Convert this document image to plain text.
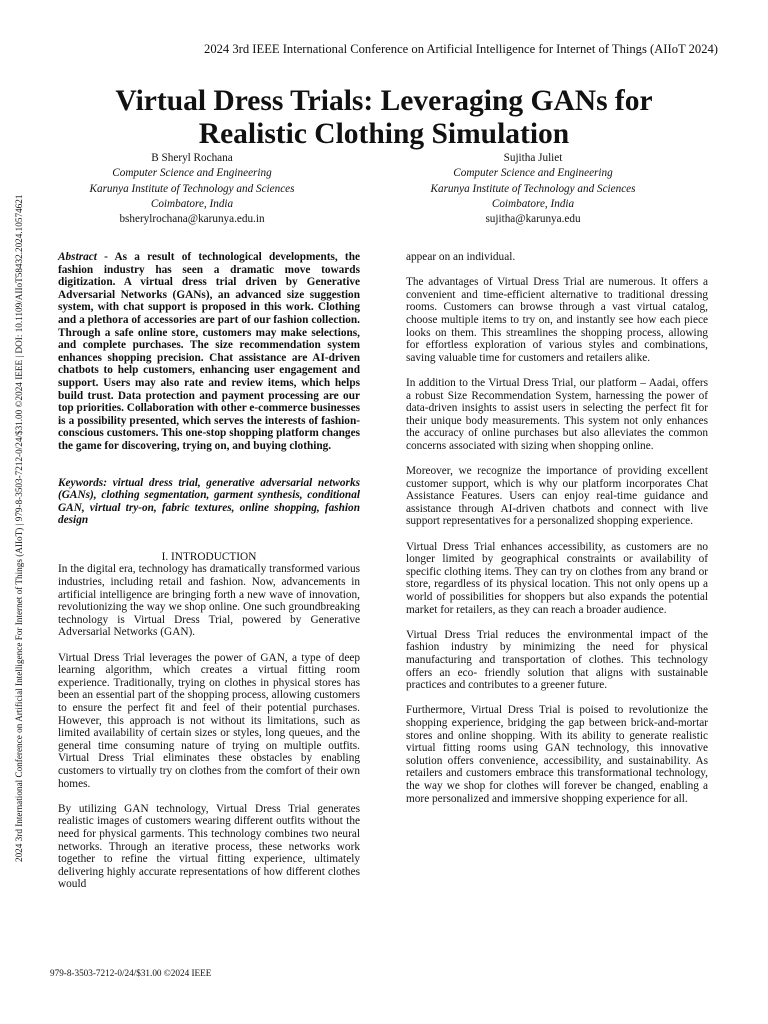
2024 3rd IEEE International Conference on Artificial Intelligence for Internet of Things (AIIoT 2024)
2024 3rd International Conference on Artificial Intelligence For Internet of Things (AIIoT) | 979-8-3503-7212-0/24/$31.00 ©2024 IEEE | DOI: 10.1109/AIIoT58432.2024.10574621
Virtual Dress Trials: Leveraging GANs for Realistic Clothing Simulation
B Sheryl Rochana
Computer Science and Engineering
Karunya Institute of Technology and Sciences
Coimbatore, India
bsherylrochana@karunya.edu.in
Sujitha Juliet
Computer Science and Engineering
Karunya Institute of Technology and Sciences
Coimbatore, India
sujitha@karunya.edu

Abstract - As a result of technological developments, the fashion industry has seen a dramatic move towards digitization. A virtual dress trial driven by Generative Adversarial Networks (GANs), an advanced size suggestion system, with chat support is proposed in this work. Clothing and a plethora of accessories are part of our fashion collection. Through a safe online store, customers may make selections, and complete purchases. The size recommendation system enhances shopping precision. Chat assistance are AI-driven chatbots to help customers, enhancing user engagement and support. Users may also rate and review items, which helps build trust. Data protection and payment processing are our top priorities. Collaboration with other e-commerce businesses is a possibility presented, which serves the interests of fashion-conscious customers. This one-stop shopping platform changes the game for discovering, trying on, and buying clothing.

Keywords: virtual dress trial, generative adversarial networks (GANs), clothing segmentation, garment synthesis, conditional GAN, virtual try-on, fabric textures, online shopping, fashion design

I. INTRODUCTION

In the digital era, technology has dramatically transformed various industries, including retail and fashion. Now, advancements in artificial intelligence are bringing forth a new wave of innovation, revolutionizing the way we shop online. One such groundbreaking technology is Virtual Dress Trial, powered by Generative Adversarial Networks (GAN).

Virtual Dress Trial leverages the power of GAN, a type of deep learning algorithm, which creates a virtual fitting room experience. Traditionally, trying on clothes in physical stores has been an essential part of the shopping process, allowing customers to ensure the perfect fit and feel of their potential purchases. However, this approach is not without its limitations, such as limited availability of certain sizes or styles, long queues, and the general time consuming nature of trying on multiple outfits. Virtual Dress Trial eliminates these obstacles by enabling customers to virtually try on clothes from the comfort of their own homes.

By utilizing GAN technology, Virtual Dress Trial generates realistic images of customers wearing different outfits without the need for physical garments. This technology combines two neural networks. Through an iterative process, these networks work together to refine the virtual fitting experience, ultimately delivering highly accurate representations of how different clothes would

appear on an individual.

The advantages of Virtual Dress Trial are numerous. It offers a convenient and time-efficient alternative to traditional dressing rooms. Customers can browse through a vast virtual catalog, choose multiple items to try on, and instantly see how each piece looks on them. This streamlines the shopping process, allowing for effortless exploration of various styles and combinations, saving valuable time for customers and retailers alike.

In addition to the Virtual Dress Trial, our platform – Aadai, offers a robust Size Recommendation System, harnessing the power of data-driven insights to assist users in selecting the perfect fit for their unique body measurements. This system not only enhances the accuracy of online purchases but also alleviates the common concerns associated with sizing when shopping online.

Moreover, we recognize the importance of providing excellent customer support, which is why our platform incorporates Chat Assistance Features. Users can enjoy real-time guidance and assistance through AI-driven chatbots and connect with live support representatives for a personalized shopping experience.

Virtual Dress Trial enhances accessibility, as customers are no longer limited by geographical constraints or availability of specific clothing items. They can try on clothes from any brand or store, regardless of its physical location. This not only opens up a world of possibilities for shoppers but also expands the potential market for retailers, as they can reach a broader audience.

Virtual Dress Trial reduces the environmental impact of the fashion industry by minimizing the need for physical manufacturing and transportation of clothes. This technology offers an eco- friendly solution that aligns with sustainable practices and contributes to a greener future.

Furthermore, Virtual Dress Trial is poised to revolutionize the shopping experience, bridging the gap between brick-and-mortar stores and online shopping. With its ability to generate realistic virtual fitting rooms using GAN technology, this innovative solution offers convenience, accessibility, and sustainability. As retailers and customers embrace this transformational technology, the way we shop for clothes will forever be changed, enabling a more personalized and immersive shopping experience for all.

979-8-3503-7212-0/24/$31.00 ©2024 IEEE
